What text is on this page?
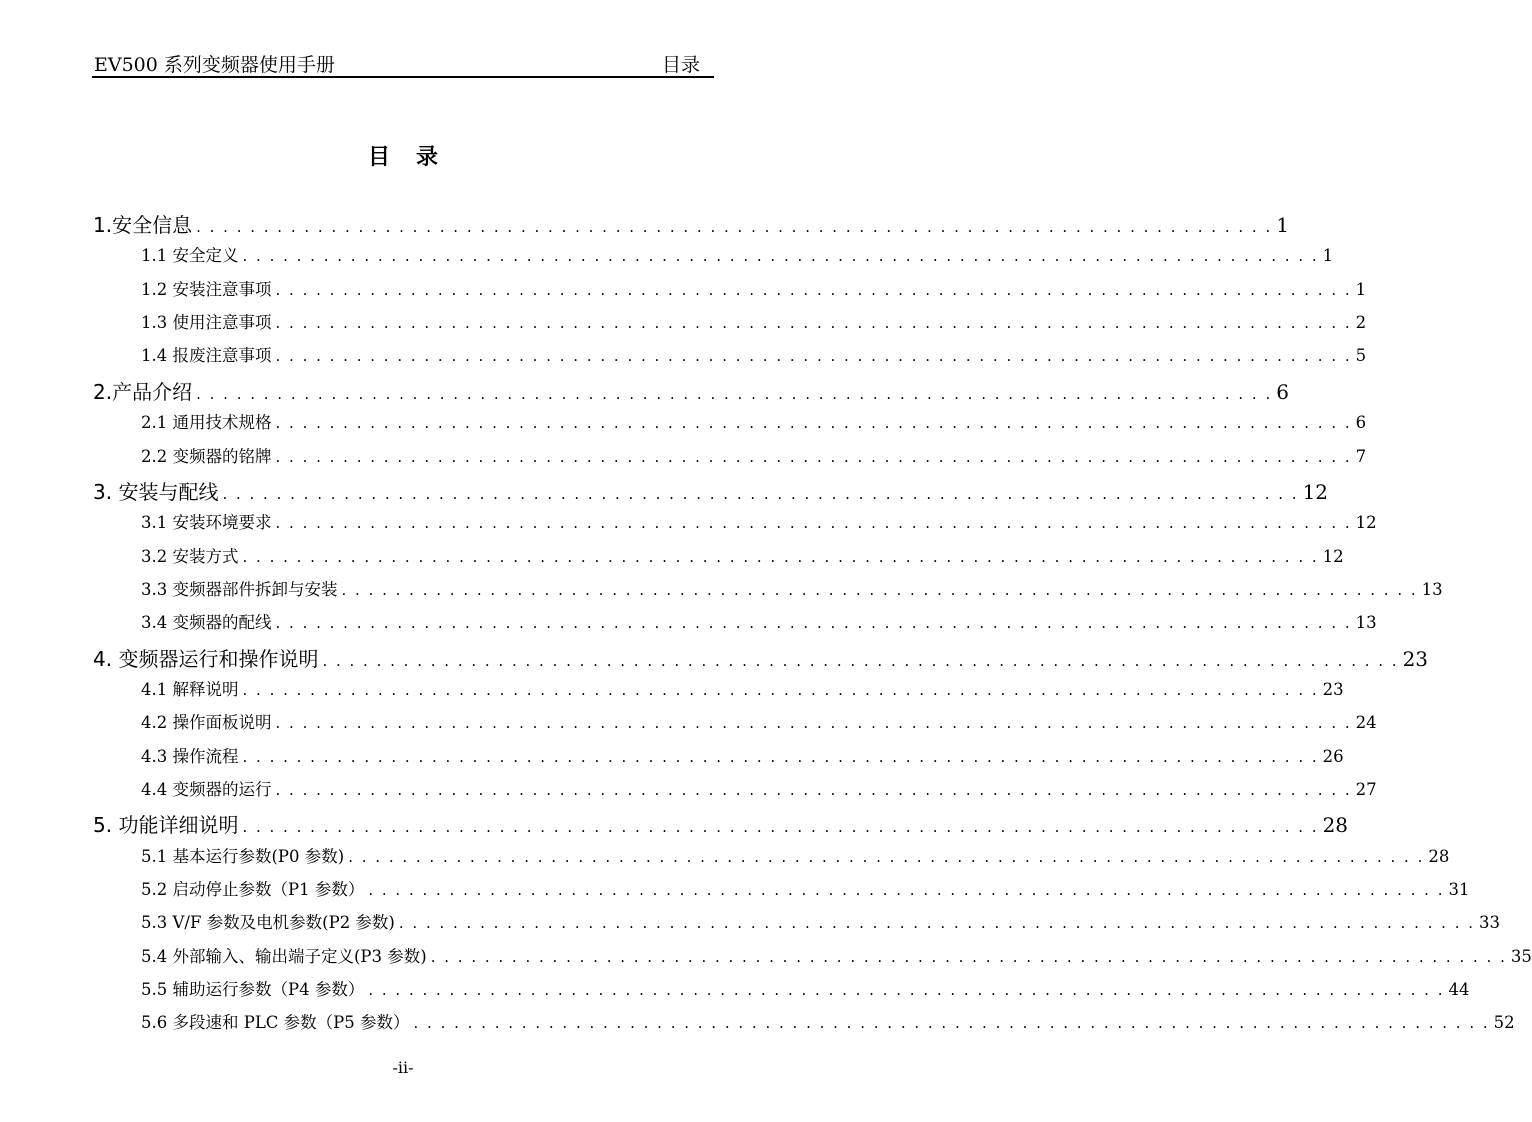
EV500 系列变频器使用手册	目录
目 录
1.安全信息 . . . . . . . . . . . . . . . . . . . . . . . . . . . . . . . . . . . . . . . . . . . . . . . . . . . . . . . . . . . . . . . . . . . . . . . . . . . . . . . . 1
1.1 安全定义 . . . . . . . . . . . . . . . . . . . . . . . . . . . . . . . . . . . . . . . . . . . . . . . . . . . . . . . . . . . . . . . . . . . . . . . . . . . . . . . . 1
1.2 安装注意事项 . . . . . . . . . . . . . . . . . . . . . . . . . . . . . . . . . . . . . . . . . . . . . . . . . . . . . . . . . . . . . . . . . . . . . . . . . . . . . . . . 1
1.3 使用注意事项 . . . . . . . . . . . . . . . . . . . . . . . . . . . . . . . . . . . . . . . . . . . . . . . . . . . . . . . . . . . . . . . . . . . . . . . . . . . . . . . . 2
1.4 报废注意事项 . . . . . . . . . . . . . . . . . . . . . . . . . . . . . . . . . . . . . . . . . . . . . . . . . . . . . . . . . . . . . . . . . . . . . . . . . . . . . . . . 5
2.产品介绍 . . . . . . . . . . . . . . . . . . . . . . . . . . . . . . . . . . . . . . . . . . . . . . . . . . . . . . . . . . . . . . . . . . . . . . . . . . . . . . . . 6
2.1 通用技术规格 . . . . . . . . . . . . . . . . . . . . . . . . . . . . . . . . . . . . . . . . . . . . . . . . . . . . . . . . . . . . . . . . . . . . . . . . . . . . . . . . 6
2.2 变频器的铭牌 . . . . . . . . . . . . . . . . . . . . . . . . . . . . . . . . . . . . . . . . . . . . . . . . . . . . . . . . . . . . . . . . . . . . . . . . . . . . . . . . 7
3. 安装与配线 . . . . . . . . . . . . . . . . . . . . . . . . . . . . . . . . . . . . . . . . . . . . . . . . . . . . . . . . . . . . . . . . . . . . . . . . . . . . . . . . 12
3.1 安装环境要求 . . . . . . . . . . . . . . . . . . . . . . . . . . . . . . . . . . . . . . . . . . . . . . . . . . . . . . . . . . . . . . . . . . . . . . . . . . . . . . . . 12
3.2 安装方式 . . . . . . . . . . . . . . . . . . . . . . . . . . . . . . . . . . . . . . . . . . . . . . . . . . . . . . . . . . . . . . . . . . . . . . . . . . . . . . . . 12
3.3 变频器部件拆卸与安装 . . . . . . . . . . . . . . . . . . . . . . . . . . . . . . . . . . . . . . . . . . . . . . . . . . . . . . . . . . . . . . . . . . . . . . . . . . . . . . . . 13
3.4 变频器的配线 . . . . . . . . . . . . . . . . . . . . . . . . . . . . . . . . . . . . . . . . . . . . . . . . . . . . . . . . . . . . . . . . . . . . . . . . . . . . . . . . 13
4. 变频器运行和操作说明 . . . . . . . . . . . . . . . . . . . . . . . . . . . . . . . . . . . . . . . . . . . . . . . . . . . . . . . . . . . . . . . . . . . . . . . . . . . . . . . . 23
4.1 解释说明 . . . . . . . . . . . . . . . . . . . . . . . . . . . . . . . . . . . . . . . . . . . . . . . . . . . . . . . . . . . . . . . . . . . . . . . . . . . . . . . . 23
4.2 操作面板说明 . . . . . . . . . . . . . . . . . . . . . . . . . . . . . . . . . . . . . . . . . . . . . . . . . . . . . . . . . . . . . . . . . . . . . . . . . . . . . . . . 24
4.3 操作流程 . . . . . . . . . . . . . . . . . . . . . . . . . . . . . . . . . . . . . . . . . . . . . . . . . . . . . . . . . . . . . . . . . . . . . . . . . . . . . . . . 26
4.4 变频器的运行 . . . . . . . . . . . . . . . . . . . . . . . . . . . . . . . . . . . . . . . . . . . . . . . . . . . . . . . . . . . . . . . . . . . . . . . . . . . . . . . . 27
5. 功能详细说明 . . . . . . . . . . . . . . . . . . . . . . . . . . . . . . . . . . . . . . . . . . . . . . . . . . . . . . . . . . . . . . . . . . . . . . . . . . . . . . . . 28
5.1 基本运行参数(P0 参数) . . . . . . . . . . . . . . . . . . . . . . . . . . . . . . . . . . . . . . . . . . . . . . . . . . . . . . . . . . . . . . . . . . . . . . . . . . . . . . . . 28
5.2 启动停止参数（P1 参数） . . . . . . . . . . . . . . . . . . . . . . . . . . . . . . . . . . . . . . . . . . . . . . . . . . . . . . . . . . . . . . . . . . . . . . . . . . . . . . . . 31
5.3 V/F 参数及电机参数(P2 参数) . . . . . . . . . . . . . . . . . . . . . . . . . . . . . . . . . . . . . . . . . . . . . . . . . . . . . . . . . . . . . . . . . . . . . . . . . . . . . . . . 33
5.4 外部输入、输出端子定义(P3 参数) . . . . . . . . . . . . . . . . . . . . . . . . . . . . . . . . . . . . . . . . . . . . . . . . . . . . . . . . . . . . . . . . . . . . . . . . . . . . . . . . 35
5.5 辅助运行参数（P4 参数） . . . . . . . . . . . . . . . . . . . . . . . . . . . . . . . . . . . . . . . . . . . . . . . . . . . . . . . . . . . . . . . . . . . . . . . . . . . . . . . . 44
5.6 多段速和 PLC 参数（P5 参数） . . . . . . . . . . . . . . . . . . . . . . . . . . . . . . . . . . . . . . . . . . . . . . . . . . . . . . . . . . . . . . . . . . . . . . . . . . . . . . . . 52
-ii-
